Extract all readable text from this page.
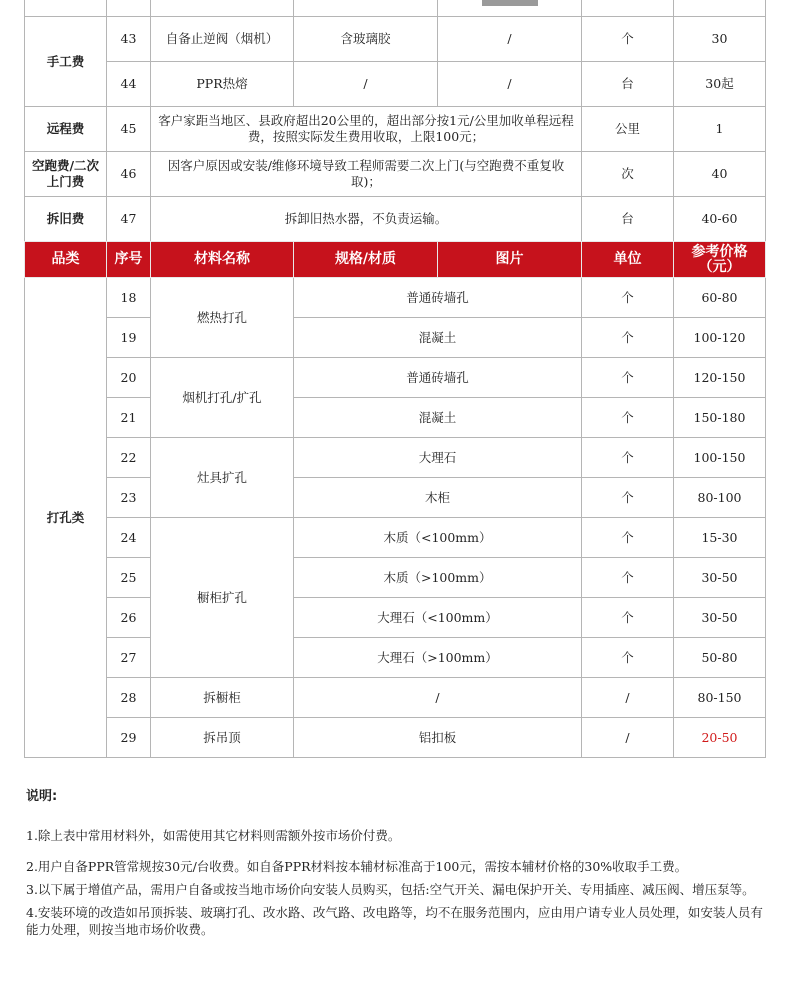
手工费	43	自备止逆阀（烟机）	含玻璃胶	/	个	30
	44	PPR热熔	/	/	台	30起
远程费	45	客户家距当地区、县政府超出20公里的，超出部分按1元/公里加收单程远程费，按照实际发生费用收取，上限100元；			公里	1
空跑费/二次上门费	46	因客户原因或安装/维修环境导致工程师需要二次上门(与空跑费不重复收取)；			次	40
拆旧费	47	拆卸旧热水器，不负责运输。			台	40-60
品类	序号	材料名称	规格/材质	图片	单位	参考价格（元）
打孔类	18	燃热打孔	普通砖墙孔		个	60-80
	19		混凝土		个	100-120
	20	烟机打孔/扩孔	普通砖墙孔		个	120-150
	21		混凝土		个	150-180
	22	灶具扩孔	大理石		个	100-150
	23		木柜		个	80-100
	24	橱柜扩孔	木质（<100mm）		个	15-30
	25		木质（>100mm）		个	30-50
	26		大理石（<100mm）		个	30-50
	27		大理石（>100mm）		个	50-80
	28	拆橱柜	/		/	80-150
	29	拆吊顶	铝扣板		/	20-50
说明:

1.除上表中常用材料外，如需使用其它材料则需额外按市场价付费。

2.用户自备PPR管常规按30元/台收费。如自备PPR材料按本辅材标准高于100元，需按本辅材价格的30%收取手工费。

3.以下属于增值产品，需用户自备或按当地市场价向安装人员购买，包括:空气开关、漏电保护开关、专用插座、减压阀、增压泵等。

4.安装环境的改造如吊顶拆装、玻璃打孔、改水路、改气路、改电路等，均不在服务范围内，应由用户请专业人员处理，如安装人员有能力处理，则按当地市场价收费。
